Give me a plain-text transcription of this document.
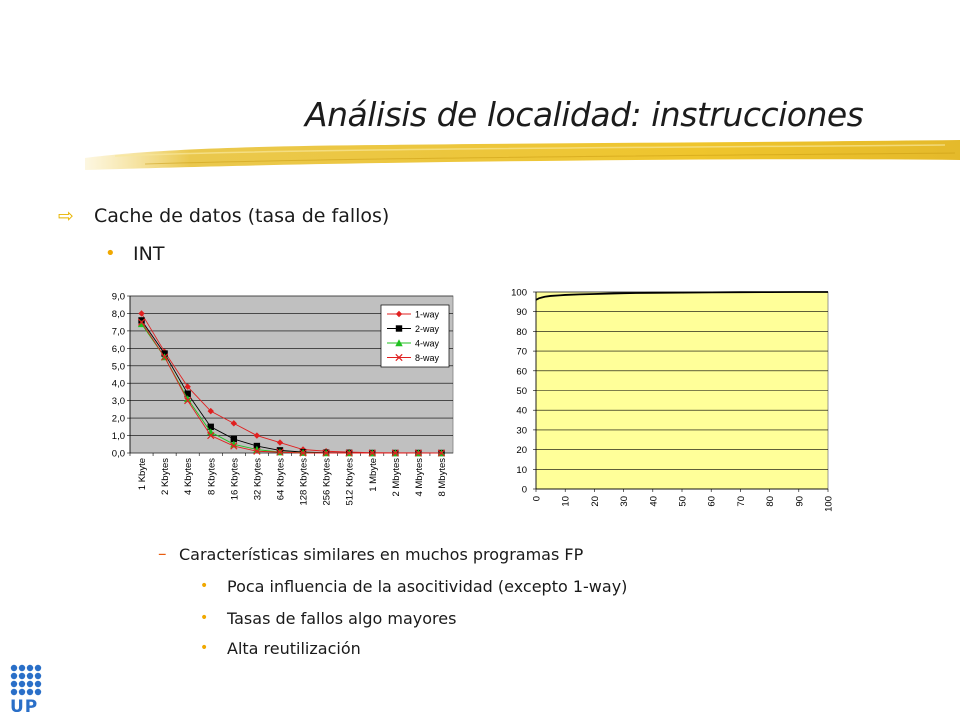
Análisis de localidad: instrucciones
⇨ Cache de datos (tasa de fallos)
• INT
0,0
1,0
2,0
3,0
4,0
5,0
6,0
7,0
8,0
9,0
1 Kbyte 2 Kbytes 4 Kbytes 8 Kbytes 16 Kbytes 32 Kbytes 64 Kbytes 128 Kbytes 256 Kbytes 512 Kbytes 1 Mbyte 2 Mbytes 4 Mbytes 8 Mbytes
1-way
2-way
4-way
8-way
0
10
20
30
40
50
60
70
80
90
100
0 10 20 30 40 50 60 70 80 90 100
– Características similares en muchos programas FP
• Poca influencia de la asocitividad (excepto 1-way)
• Tasas de fallos algo mayores
• Alta reutilización
UP
